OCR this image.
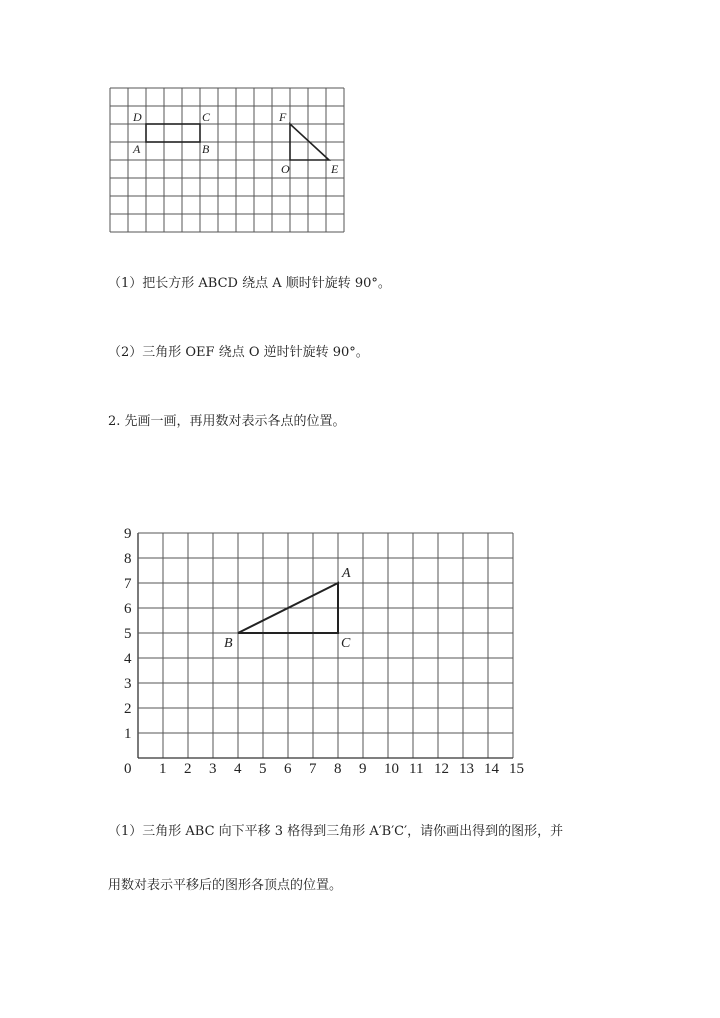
D	C
A	B
F
O	E
（1）把长方形 ABCD 绕点 A 顺时针旋转 90°。
（2）三角形 OEF 绕点 O 逆时针旋转 90°。
2. 先画一画，再用数对表示各点的位置。
0 1 2 3 4 5 6 7 8 9 10 11 12 13 14 15
1
2
3
4
5
6
7
8
9
A
B	C
（1）三角形 ABC 向下平移 3 格得到三角形 A′B′C′，请你画出得到的图形，并
用数对表示平移后的图形各顶点的位置。
